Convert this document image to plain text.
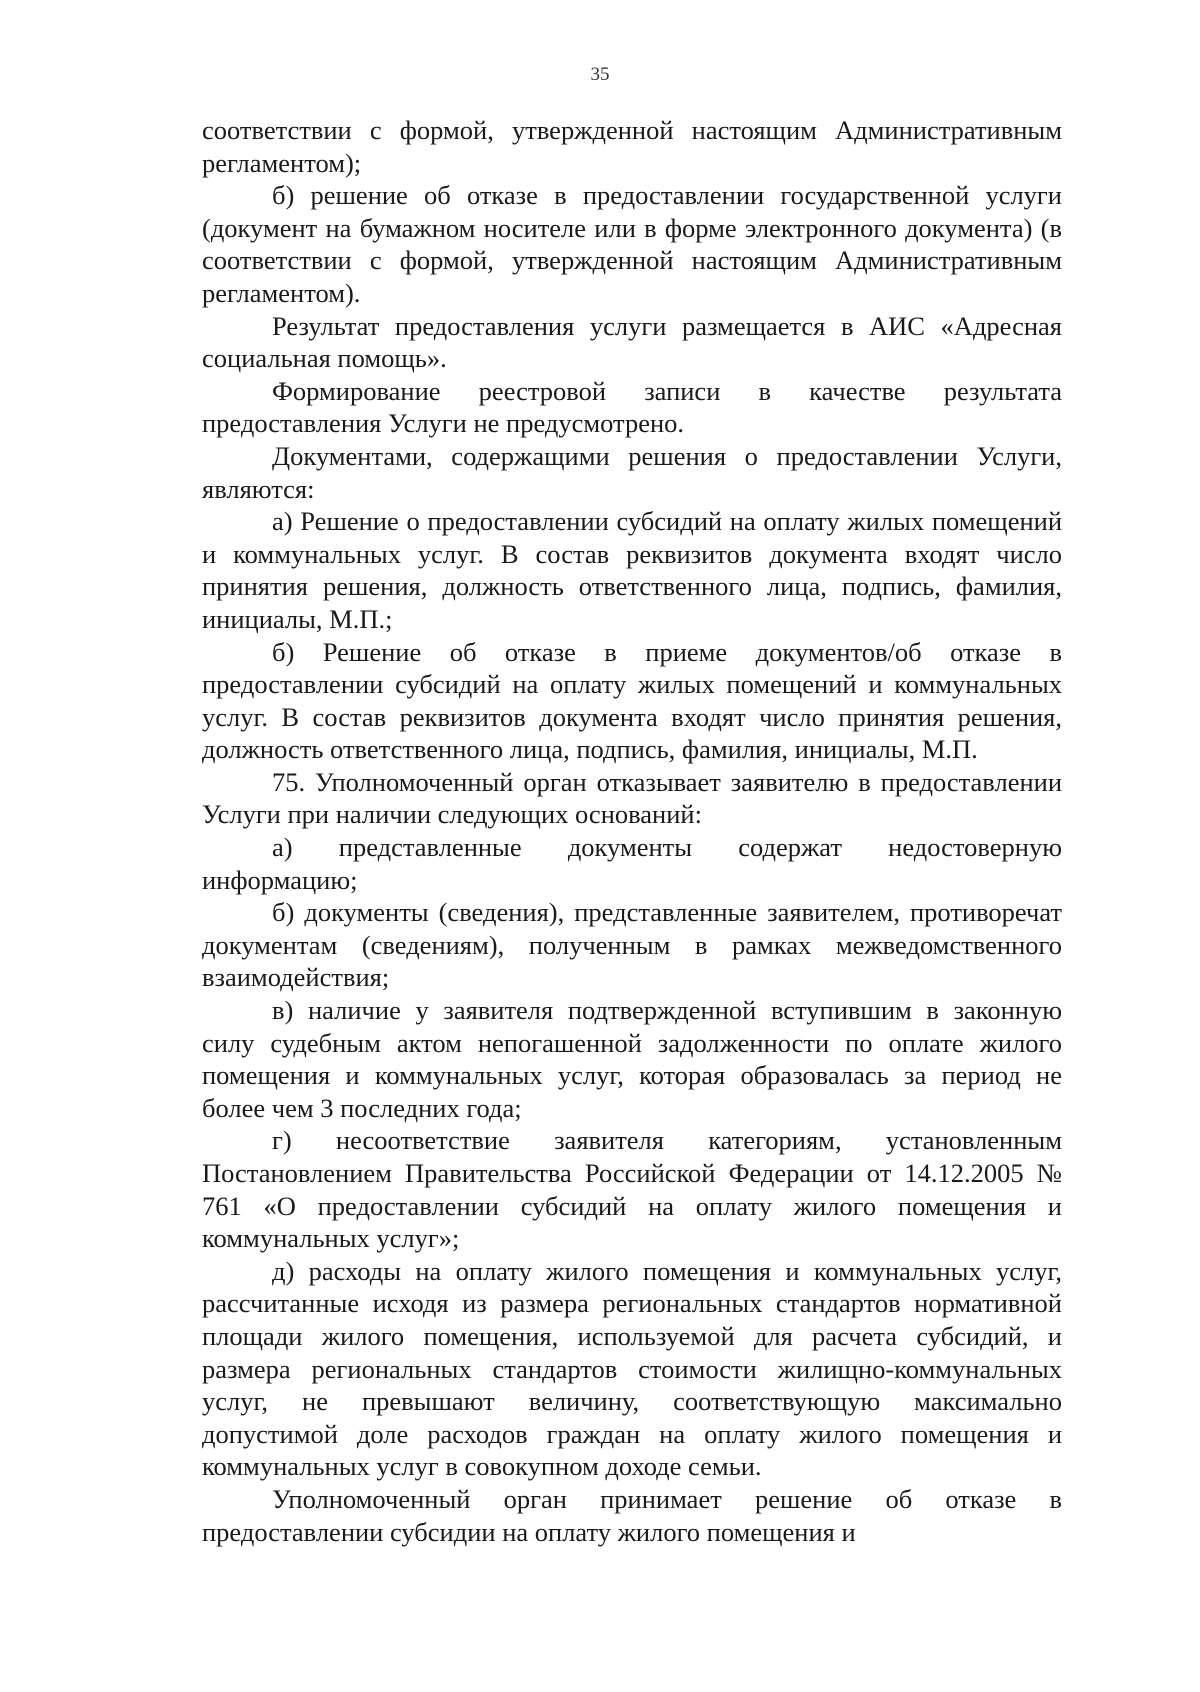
35

соответствии с формой, утвержденной настоящим Административным регламентом);

б) решение об отказе в предоставлении государственной услуги (документ на бумажном носителе или в форме электронного документа) (в соответствии с формой, утвержденной настоящим Административным регламентом).

Результат предоставления услуги размещается в АИС «Адресная социальная помощь».

Формирование реестровой записи в качестве результата предоставления Услуги не предусмотрено.

Документами, содержащими решения о предоставлении Услуги, являются:

а) Решение о предоставлении субсидий на оплату жилых помещений и коммунальных услуг. В состав реквизитов документа входят число принятия решения, должность ответственного лица, подпись, фамилия, инициалы, М.П.;

б) Решение об отказе в приеме документов/об отказе в предоставлении субсидий на оплату жилых помещений и коммунальных услуг. В состав реквизитов документа входят число принятия решения, должность ответственного лица, подпись, фамилия, инициалы, М.П.

75. Уполномоченный орган отказывает заявителю в предоставлении Услуги при наличии следующих оснований:

а) представленные документы содержат недостоверную информацию;

б) документы (сведения), представленные заявителем, противоречат документам (сведениям), полученным в рамках межведомственного взаимодействия;

в) наличие у заявителя подтвержденной вступившим в законную силу судебным актом непогашенной задолженности по оплате жилого помещения и коммунальных услуг, которая образовалась за период не более чем 3 последних года;

г) несоответствие заявителя категориям, установленным Постановлением Правительства Российской Федерации от 14.12.2005 № 761 «О предоставлении субсидий на оплату жилого помещения и коммунальных услуг»;

д) расходы на оплату жилого помещения и коммунальных услуг, рассчитанные исходя из размера региональных стандартов нормативной площади жилого помещения, используемой для расчета субсидий, и размера региональных стандартов стоимости жилищно-коммунальных услуг, не превышают величину, соответствующую максимально допустимой доле расходов граждан на оплату жилого помещения и коммунальных услуг в совокупном доходе семьи.

Уполномоченный орган принимает решение об отказе в предоставлении субсидии на оплату жилого помещения и
